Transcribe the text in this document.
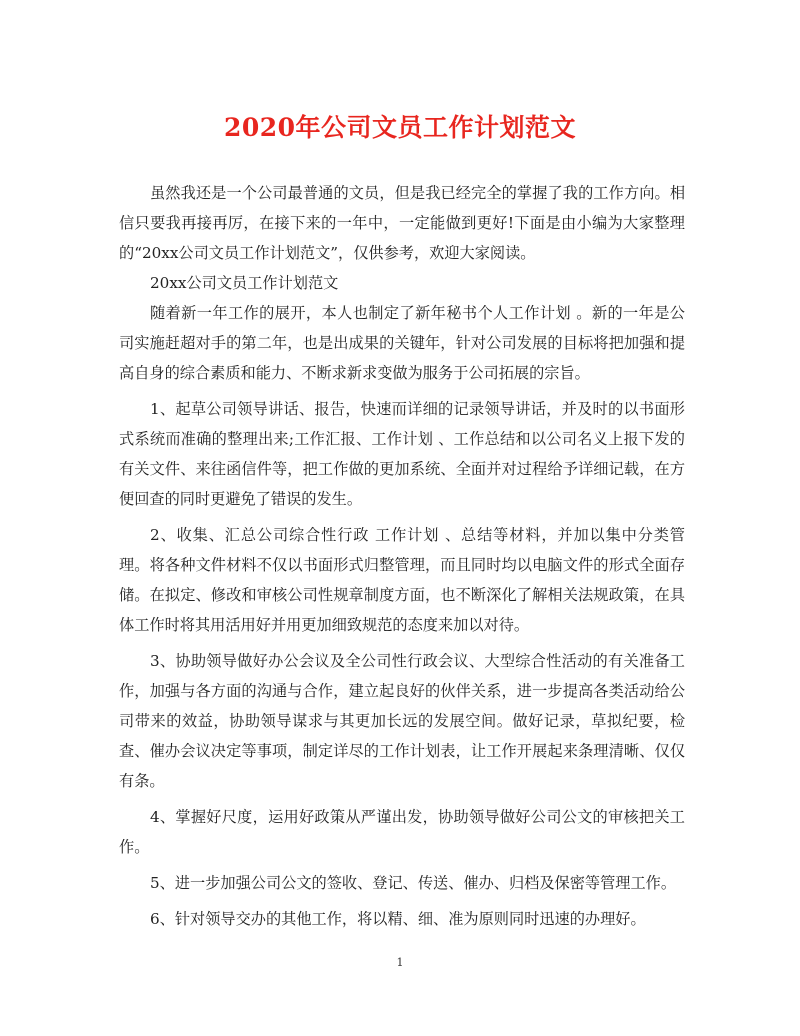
2020年公司文员工作计划范文

虽然我还是一个公司最普通的文员，但是我已经完全的掌握了我的工作方向。相信只要我再接再厉，在接下来的一年中，一定能做到更好!下面是由小编为大家整理的“20xx公司文员工作计划范文”，仅供参考，欢迎大家阅读。

20xx公司文员工作计划范文

随着新一年工作的展开，本人也制定了新年秘书个人工作计划 。新的一年是公司实施赶超对手的第二年，也是出成果的关键年，针对公司发展的目标将把加强和提高自身的综合素质和能力、不断求新求变做为服务于公司拓展的宗旨。

1、起草公司领导讲话、报告，快速而详细的记录领导讲话，并及时的以书面形式系统而准确的整理出来;工作汇报、工作计划 、工作总结和以公司名义上报下发的有关文件、来往函信件等，把工作做的更加系统、全面并对过程给予详细记载，在方便回查的同时更避免了错误的发生。

2、收集、汇总公司综合性行政 工作计划 、总结等材料，并加以集中分类管理。将各种文件材料不仅以书面形式归整管理，而且同时均以电脑文件的形式全面存储。在拟定、修改和审核公司性规章制度方面，也不断深化了解相关法规政策，在具体工作时将其用活用好并用更加细致规范的态度来加以对待。

3、协助领导做好办公会议及全公司性行政会议、大型综合性活动的有关准备工作，加强与各方面的沟通与合作，建立起良好的伙伴关系，进一步提高各类活动给公司带来的效益，协助领导谋求与其更加长远的发展空间。做好记录，草拟纪要，检查、催办会议决定等事项，制定详尽的工作计划表，让工作开展起来条理清晰、仅仅有条。

4、掌握好尺度，运用好政策从严谨出发，协助领导做好公司公文的审核把关工作。

5、进一步加强公司公文的签收、登记、传送、催办、归档及保密等管理工作。

6、针对领导交办的其他工作，将以精、细、准为原则同时迅速的办理好。

1
